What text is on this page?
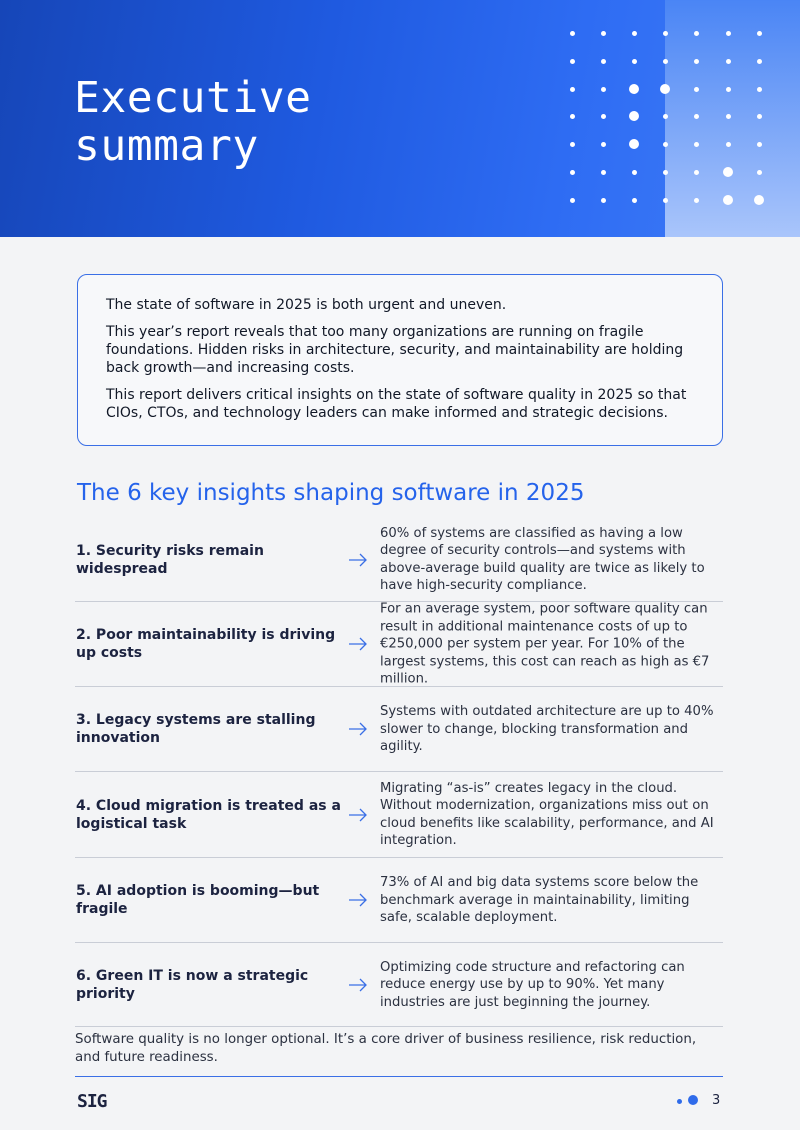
Executive
summary

The state of software in 2025 is both urgent and uneven.

This year’s report reveals that too many organizations are running on fragile foundations. Hidden risks in architecture, security, and maintainability are holding back growth—and increasing costs.

This report delivers critical insights on the state of software quality in 2025 so that CIOs, CTOs, and technology leaders can make informed and strategic decisions.

The 6 key insights shaping software in 2025
1. Security risks remain widespread
60% of systems are classified as having a low degree of security controls—and systems with above-average build quality are twice as likely to have high-security compliance.
2. Poor maintainability is driving up costs
For an average system, poor software quality can result in additional maintenance costs of up to €250,000 per system per year. For 10% of the largest systems, this cost can reach as high as €7 million.
3. Legacy systems are stalling innovation
Systems with outdated architecture are up to 40% slower to change, blocking transformation and agility.
4. Cloud migration is treated as a logistical task
Migrating “as-is” creates legacy in the cloud. Without modernization, organizations miss out on cloud benefits like scalability, performance, and AI integration.
5. AI adoption is booming—but fragile
73% of AI and big data systems score below the benchmark average in maintainability, limiting safe, scalable deployment.
6. Green IT is now a strategic priority
Optimizing code structure and refactoring can reduce energy use by up to 90%. Yet many industries are just beginning the journey.
Software quality is no longer optional. It’s a core driver of business resilience, risk reduction, and future readiness.
SIG	3
